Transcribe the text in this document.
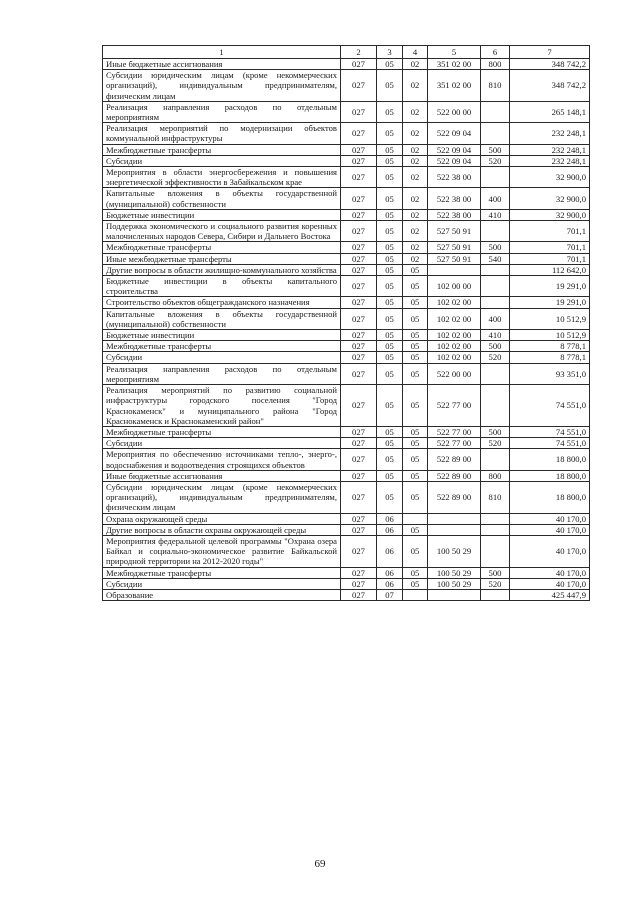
1	2	3	4	5	6	7
Иные бюджетные ассигнования	027	05	02	351 02 00	800	348 742,2
Субсидии юридическим лицам (кроме некоммерческих организаций), индивидуальным предпринимателям, физическим лицам	027	05	02	351 02 00	810	348 742,2
Реализация направления расходов по отдельным мероприятиям	027	05	02	522 00 00		265 148,1
Реализация мероприятий по модернизации объектов коммунальной инфраструктуры	027	05	02	522 09 04		232 248,1
Межбюджетные трансферты	027	05	02	522 09 04	500	232 248,1
Субсидии	027	05	02	522 09 04	520	232 248,1
Мероприятия в области энергосбережения и повышения энергетической эффективности в Забайкальском крае	027	05	02	522 38 00		32 900,0
Капитальные вложения в объекты государственной (муниципальной) собственности	027	05	02	522 38 00	400	32 900,0
Бюджетные инвестиции	027	05	02	522 38 00	410	32 900,0
Поддержка экономического и социального развития коренных малочисленных народов Севера, Сибири и Дальнего Востока	027	05	02	527 50 91		701,1
Межбюджетные трансферты	027	05	02	527 50 91	500	701,1
Иные межбюджетные трансферты	027	05	02	527 50 91	540	701,1
Другие вопросы в области жилищно-коммунального хозяйства	027	05	05			112 642,0
Бюджетные инвестиции в объекты капитального строительства	027	05	05	102 00 00		19 291,0
Строительство объектов общегражданского назначения	027	05	05	102 02 00		19 291,0
Капитальные вложения в объекты государственной (муниципальной) собственности	027	05	05	102 02 00	400	10 512,9
Бюджетные инвестиции	027	05	05	102 02 00	410	10 512,9
Межбюджетные трансферты	027	05	05	102 02 00	500	8 778,1
Субсидии	027	05	05	102 02 00	520	8 778,1
Реализация направления расходов по отдельным мероприятиям	027	05	05	522 00 00		93 351,0
Реализация мероприятий по развитию социальной инфраструктуры городского поселения "Город Краснокаменск" и муниципального района "Город Краснокаменск и Краснокаменский район"	027	05	05	522 77 00		74 551,0
Межбюджетные трансферты	027	05	05	522 77 00	500	74 551,0
Субсидии	027	05	05	522 77 00	520	74 551,0
Мероприятия по обеспечению источниками тепло-, энерго-, водоснабжения и водоотведения строящихся объектов	027	05	05	522 89 00		18 800,0
Иные бюджетные ассигнования	027	05	05	522 89 00	800	18 800,0
Субсидии юридическим лицам (кроме некоммерческих организаций), индивидуальным предпринимателям, физическим лицам	027	05	05	522 89 00	810	18 800,0
Охрана окружающей среды	027	06				40 170,0
Другие вопросы в области охраны окружающей среды	027	06	05			40 170,0
Мероприятия федеральной целевой программы "Охрана озера Байкал и социально-экономическое развитие Байкальской природной территории на 2012-2020 годы"	027	06	05	100 50 29		40 170,0
Межбюджетные трансферты	027	06	05	100 50 29	500	40 170,0
Субсидии	027	06	05	100 50 29	520	40 170,0
Образование	027	07				425 447,9
69
